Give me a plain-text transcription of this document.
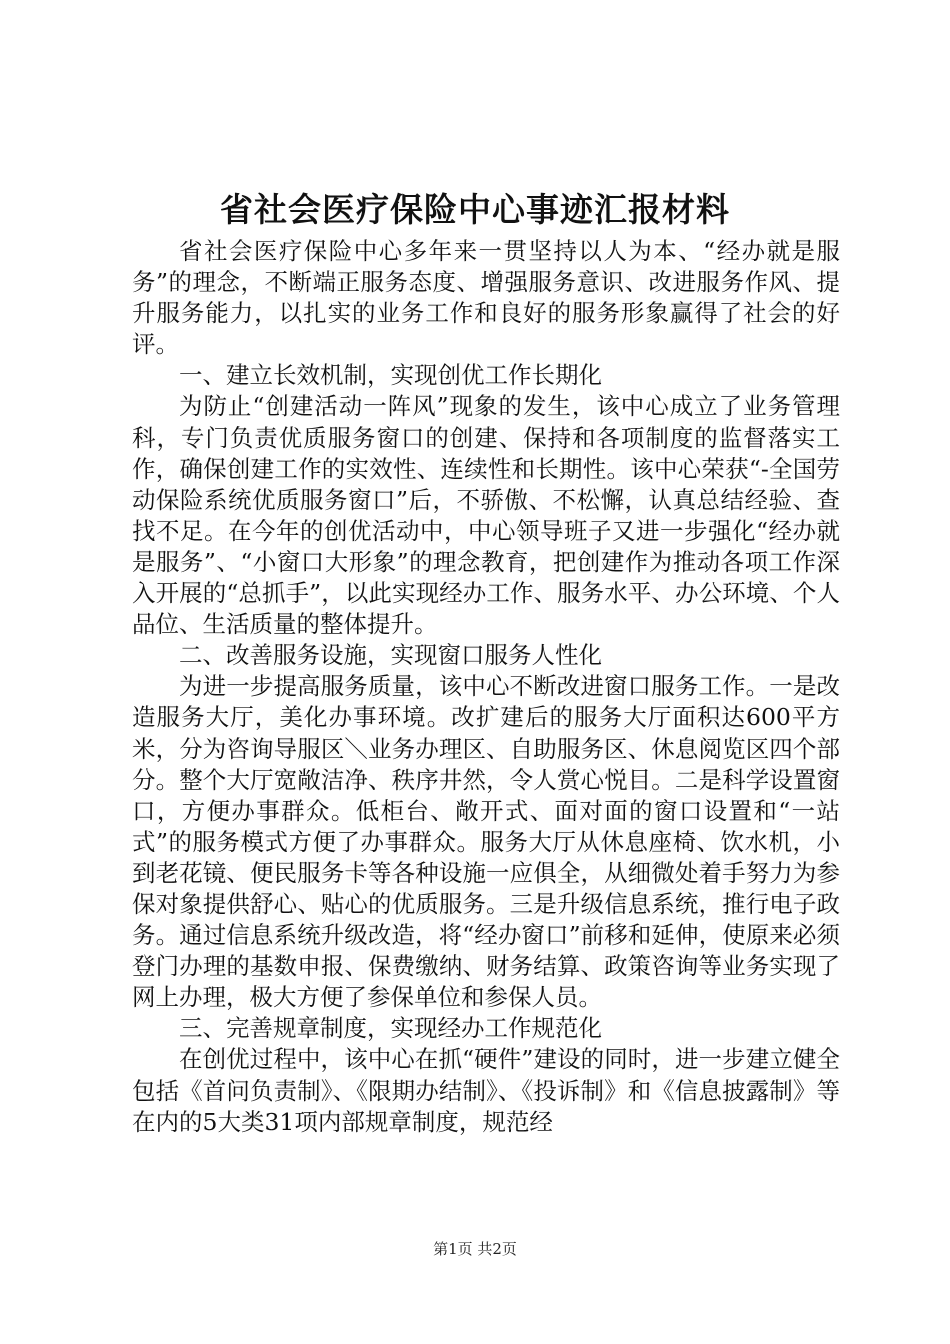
省社会医疗保险中心事迹汇报材料

省社会医疗保险中心多年来一贯坚持以人为本、“经办就是服务”的理念，不断端正服务态度、增强服务意识、改进服务作风、提升服务能力，以扎实的业务工作和良好的服务形象赢得了社会的好评。

一、建立长效机制，实现创优工作长期化

为防止“创建活动一阵风”现象的发生，该中心成立了业务管理科，专门负责优质服务窗口的创建、保持和各项制度的监督落实工作，确保创建工作的实效性、连续性和长期性。该中心荣获“-全国劳动保险系统优质服务窗口”后，不骄傲、不松懈，认真总结经验、查找不足。在今年的创优活动中，中心领导班子又进一步强化“经办就是服务”、“小窗口大形象”的理念教育，把创建作为推动各项工作深入开展的“总抓手”，以此实现经办工作、服务水平、办公环境、个人品位、生活质量的整体提升。

二、改善服务设施，实现窗口服务人性化

为进一步提高服务质量，该中心不断改进窗口服务工作。一是改造服务大厅，美化办事环境。改扩建后的服务大厅面积达600平方米，分为咨询导服区＼业务办理区、自助服务区、休息阅览区四个部分。整个大厅宽敞洁净、秩序井然，令人赏心悦目。二是科学设置窗口，方便办事群众。低柜台、敞开式、面对面的窗口设置和“一站式”的服务模式方便了办事群众。服务大厅从休息座椅、饮水机，小到老花镜、便民服务卡等各种设施一应俱全，从细微处着手努力为参保对象提供舒心、贴心的优质服务。三是升级信息系统，推行电子政务。通过信息系统升级改造，将“经办窗口”前移和延伸，使原来必须登门办理的基数申报、保费缴纳、财务结算、政策咨询等业务实现了网上办理，极大方便了参保单位和参保人员。

三、完善规章制度，实现经办工作规范化

在创优过程中，该中心在抓“硬件”建设的同时，进一步建立健全包括《首问负责制》、《限期办结制》、《投诉制》和《信息披露制》等在内的5大类31项内部规章制度，规范经

第1页 共2页
